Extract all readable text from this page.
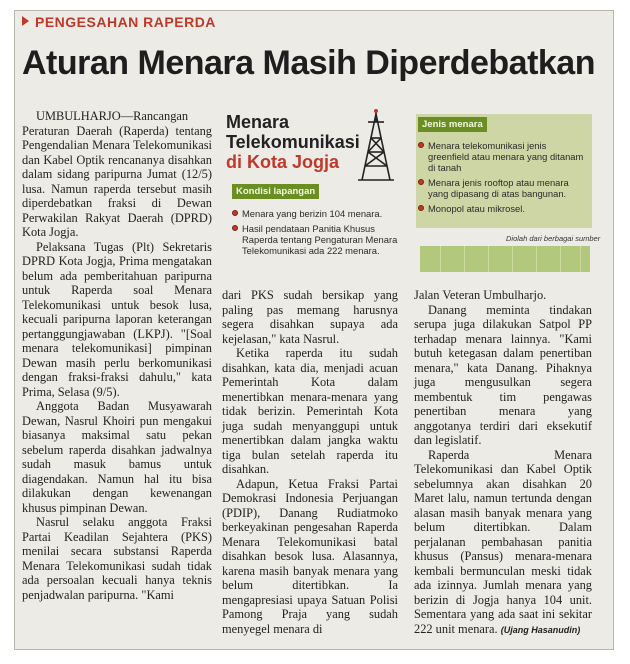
PENGESAHAN RAPERDA
Aturan Menara Masih Diperdebatkan

UMBULHARJO—Rancangan Peraturan Daerah (Raperda) tentang Pengendalian Menara Telekomunikasi dan Kabel Optik rencananya disahkan dalam sidang paripurna Jumat (12/5) lusa. Namun raperda tersebut masih diperdebatkan fraksi di Dewan Perwakilan Rakyat Daerah (DPRD) Kota Jogja.

Pelaksana Tugas (Plt) Sekretaris DPRD Kota Jogja, Prima mengatakan belum ada pemberitahuan paripurna untuk Raperda soal Menara Telekomunikasi untuk besok lusa, kecuali paripurna laporan keterangan pertanggungjawaban (LKPJ). "[Soal menara telekomunikasi] pimpinan Dewan masih perlu berkomunikasi dengan fraksi-fraksi dahulu," kata Prima, Selasa (9/5).

Anggota Badan Musyawarah Dewan, Nasrul Khoiri pun mengakui biasanya maksimal satu pekan sebelum raperda disahkan jadwalnya sudah masuk bamus untuk diagendakan. Namun hal itu bisa dilakukan dengan kewenangan khusus pimpinan Dewan.

Nasrul selaku anggota Fraksi Partai Keadilan Sejahtera (PKS) menilai secara substansi Raperda Menara Telekomunikasi sudah tidak ada persoalan kecuali hanya teknis penjadwalan paripurna. "Kami

Menara
Telekomunikasi
di Kota Jogja
Kondisi lapangan
Menara yang berizin 104 menara.
Hasil pendataan Panitia Khusus Raperda tentang Pengaturan Menara Telekomunikasi ada 222 menara.
Jenis menara
Menara telekomunikasi jenis greenfield atau menara yang ditanam di tanah
Menara jenis rooftop atau menara yang dipasang di atas bangunan.
Monopol atau mikrosel.
Diolah dari berbagai sumber

dari PKS sudah bersikap yang paling pas memang harusnya segera disahkan supaya ada kejelasan," kata Nasrul.

Ketika raperda itu sudah disahkan, kata dia, menjadi acuan Pemerintah Kota dalam menertibkan menara-menara yang tidak berizin. Pemerintah Kota juga sudah menyanggupi untuk menertibkan dalam jangka waktu tiga bulan setelah raperda itu disahkan.

Adapun, Ketua Fraksi Partai Demokrasi Indonesia Perjuangan (PDIP), Danang Rudiatmoko berkeyakinan pengesahan Raperda Menara Telekomunikasi batal disahkan besok lusa. Alasannya, karena masih banyak menara yang belum ditertibkan. Ia mengapresiasi upaya Satuan Polisi Pamong Praja yang sudah menyegel menara di

Jalan Veteran Umbulharjo.

Danang meminta tindakan serupa juga dilakukan Satpol PP terhadap menara lainnya. "Kami butuh ketegasan dalam penertiban menara," kata Danang. Pihaknya juga mengusulkan segera membentuk tim pengawas penertiban menara yang anggotanya terdiri dari eksekutif dan legislatif.

Raperda Menara Telekomunikasi dan Kabel Optik sebelumnya akan disahkan 20 Maret lalu, namun tertunda dengan alasan masih banyak menara yang belum ditertibkan. Dalam perjalanan pembahasan panitia khusus (Pansus) menara-menara kembali bermunculan meski tidak ada izinnya. Jumlah menara yang berizin di Jogja hanya 104 unit. Sementara yang ada saat ini sekitar 222 unit menara. (Ujang Hasanudin)
